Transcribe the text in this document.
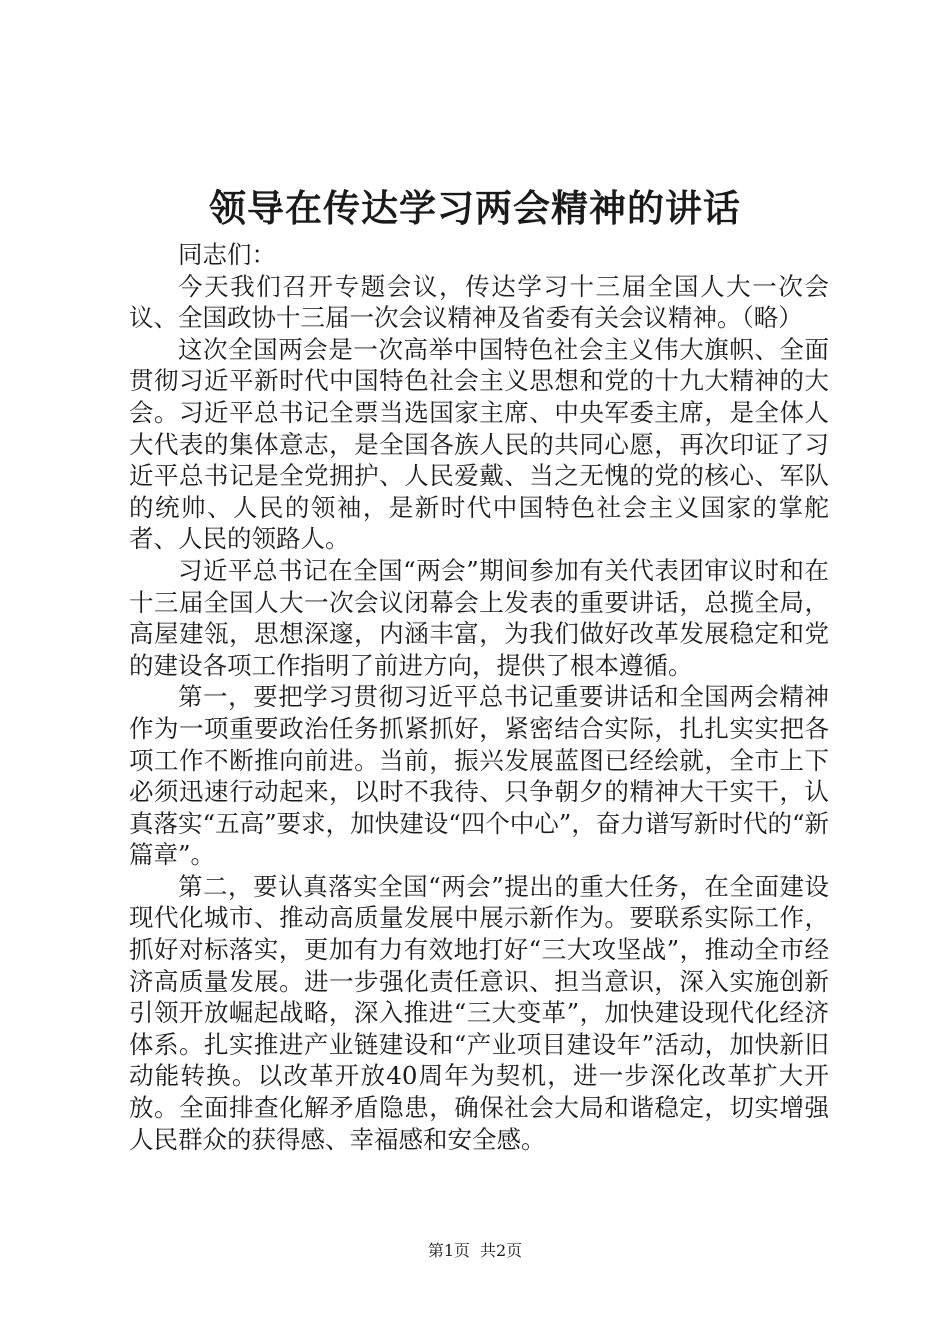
领导在传达学习两会精神的讲话

同志们：

今天我们召开专题会议，传达学习十三届全国人大一次会议、全国政协十三届一次会议精神及省委有关会议精神。（略）

这次全国两会是一次高举中国特色社会主义伟大旗帜、全面贯彻习近平新时代中国特色社会主义思想和党的十九大精神的大会。习近平总书记全票当选国家主席、中央军委主席，是全体人大代表的集体意志，是全国各族人民的共同心愿，再次印证了习近平总书记是全党拥护、人民爱戴、当之无愧的党的核心、军队的统帅、人民的领袖，是新时代中国特色社会主义国家的掌舵者、人民的领路人。

习近平总书记在全国“两会”期间参加有关代表团审议时和在十三届全国人大一次会议闭幕会上发表的重要讲话，总揽全局，高屋建瓴，思想深邃，内涵丰富，为我们做好改革发展稳定和党的建设各项工作指明了前进方向，提供了根本遵循。

第一，要把学习贯彻习近平总书记重要讲话和全国两会精神作为一项重要政治任务抓紧抓好，紧密结合实际，扎扎实实把各项工作不断推向前进。当前，振兴发展蓝图已经绘就，全市上下必须迅速行动起来，以时不我待、只争朝夕的精神大干实干，认真落实“五高”要求，加快建设“四个中心”，奋力谱写新时代的“新篇章”。

第二，要认真落实全国“两会”提出的重大任务，在全面建设现代化城市、推动高质量发展中展示新作为。要联系实际工作，抓好对标落实，更加有力有效地打好“三大攻坚战”，推动全市经济高质量发展。进一步强化责任意识、担当意识，深入实施创新引领开放崛起战略，深入推进“三大变革”，加快建设现代化经济体系。扎实推进产业链建设和“产业项目建设年”活动，加快新旧动能转换。以改革开放40周年为契机，进一步深化改革扩大开放。全面排查化解矛盾隐患，确保社会大局和谐稳定，切实增强人民群众的获得感、幸福感和安全感。

第1页 共2页
